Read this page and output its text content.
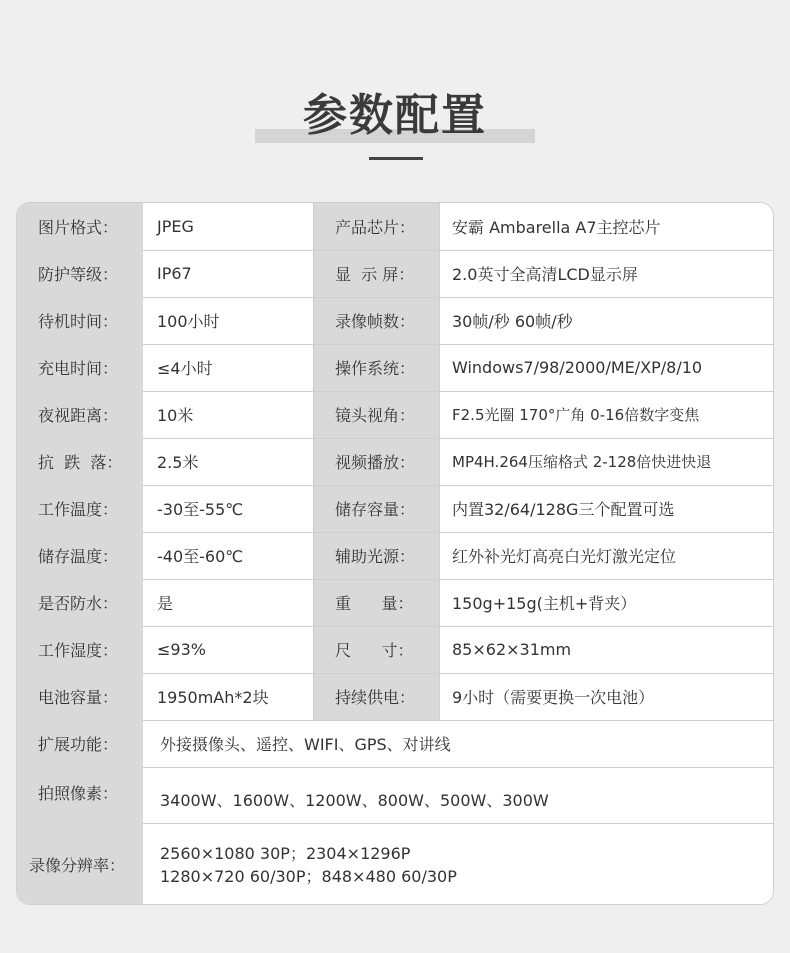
参数配置
图片格式：	JPEG	产品芯片：	安霸 Ambarella A7主控芯片
防护等级：	IP67	显  示 屏：	2.0英寸全高清LCD显示屏
待机时间：	100小时	录像帧数：	30帧/秒 60帧/秒
充电时间：	≤4小时	操作系统：	Windows7/98/2000/ME/XP/8/10
夜视距离：	10米	镜头视角：	F2.5光圈 170°广角 0-16倍数字变焦
抗  跌  落：	2.5米	视频播放：	MP4H.264压缩格式 2-128倍快进快退
工作温度：	-30至-55℃	储存容量：	内置32/64/128G三个配置可选
储存温度：	-40至-60℃	辅助光源：	红外补光灯高亮白光灯激光定位
是否防水：	是	重      量：	150g+15g(主机+背夹）
工作湿度：	≤93%	尺      寸：	85×62×31mm
电池容量：	1950mAh*2块	持续供电：	9小时（需要更换一次电池）
扩展功能：	外接摄像头、遥控、WIFI、GPS、对讲线
拍照像素：	3400W、1600W、1200W、800W、500W、300W
录像分辨率：
2560×1080 30P；2304×1296P
1280×720 60/30P；848×480 60/30P
